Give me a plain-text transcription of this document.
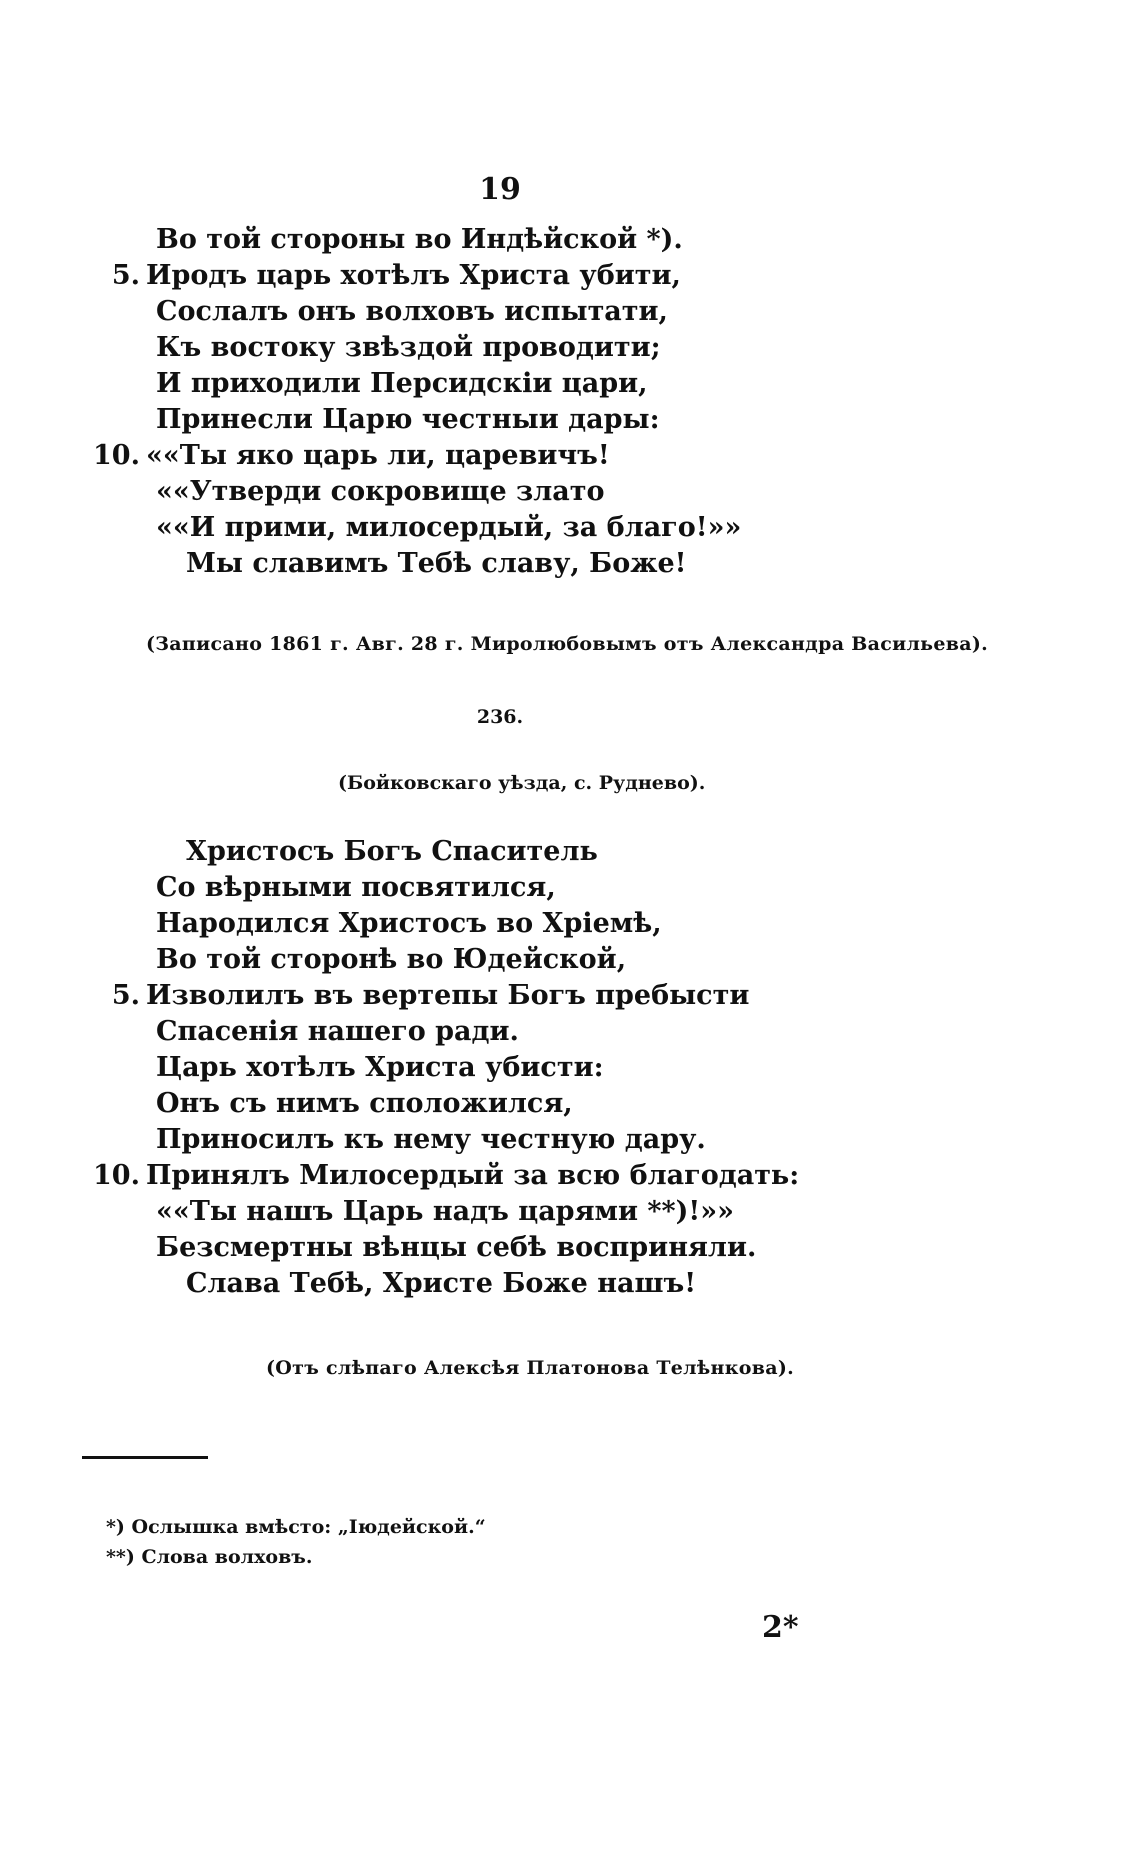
19
Во той стороны во Индѣйской *).
5. Иродъ царь хотѣлъ Христа убити,
Сослалъ онъ волховъ испытати,
Къ востоку звѣздой проводити;
И приходили Персидскiи цари,
Принесли Царю честныи дары:
10. ««Ты яко царь ли, царевичъ!
««Утверди сокровище злато
««И прими, милосердый, за благо!»»
Мы славимъ Тебѣ славу, Боже!
(Записано 1861 г. Авг. 28 г. Миролюбовымъ отъ Александра Васильева).
236.
(Бойковскаго уѣзда, с. Руднево).
Христосъ Богъ Спаситель
Со вѣрными посвятился,
Народился Христосъ во Хрiемѣ,
Во той сторонѣ во Юдейской,
5. Изволилъ въ вертепы Богъ пребысти
Спасенiя нашего ради.
Царь хотѣлъ Христа убисти:
Онъ съ нимъ сположился,
Приносилъ къ нему честную дару.
10. Принялъ Милосердый за всю благодать:
««Ты нашъ Царь надъ царями **)!»»
Безсмертны вѣнцы себѣ восприняли.
Слава Тебѣ, Христе Боже нашъ!
(Отъ слѣпаго Алексѣя Платонова Телѣнкова).
*) Ослышка вмѣсто: „Iюдейской.“
**) Слова волховъ.
2*
